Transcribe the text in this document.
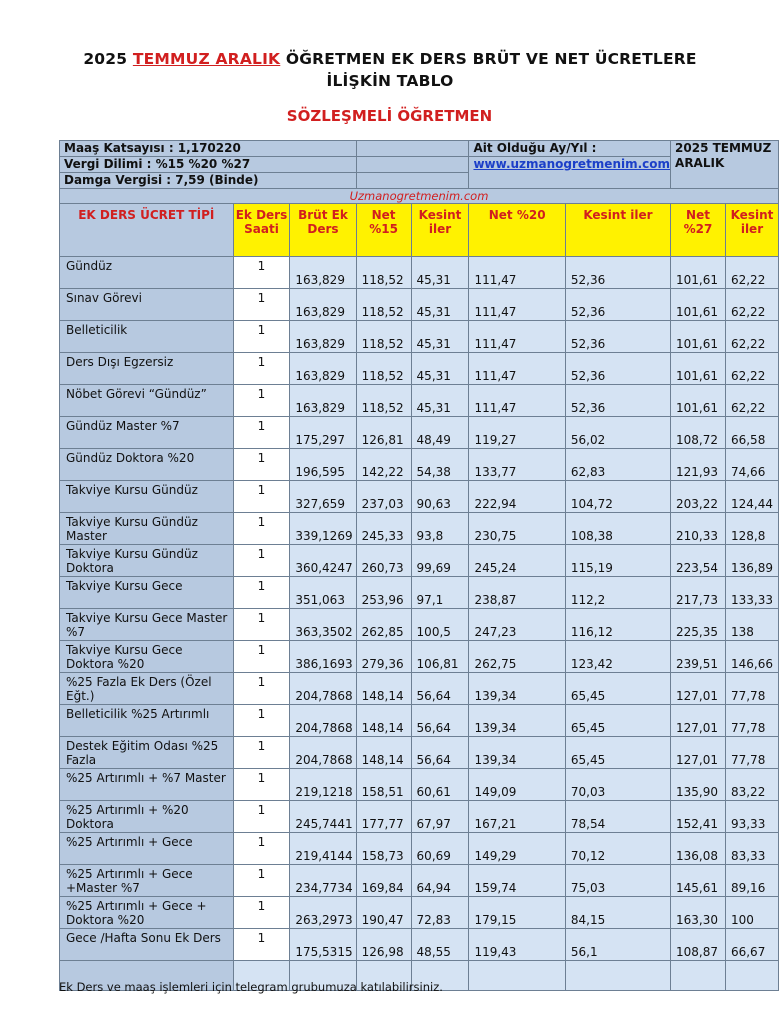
2025 TEMMUZ ARALIK ÖĞRETMEN EK DERS BRÜT VE NET ÜCRETLERE
İLİŞKİN TABLO
SÖZLEŞMELİ ÖĞRETMEN
Maaş Katsayısı : 1,170220					Ait Olduğu Ay/Yıl :		2025 TEMMUZ
ARALIK	
Vergi Dilimi : %15 %20 %27					www.uzmanogretmenim.com			
Damga Vergisi : 7,59 (Binde)								
Uzmanogretmenim.com								
EK DERS ÜCRET TİPİ	Ek Ders Saati	Brüt Ek Ders	Net %15	Kesint iler	Net %20	Kesint iler	Net %27	Kesint iler
Gündüz	1	163,829	118,52	45,31	111,47	52,36	101,61	62,22
Sınav Görevi	1	163,829	118,52	45,31	111,47	52,36	101,61	62,22
Belleticilik	1	163,829	118,52	45,31	111,47	52,36	101,61	62,22
Ders Dışı Egzersiz	1	163,829	118,52	45,31	111,47	52,36	101,61	62,22
Nöbet Görevi “Gündüz”	1	163,829	118,52	45,31	111,47	52,36	101,61	62,22
Gündüz Master %7	1	175,297	126,81	48,49	119,27	56,02	108,72	66,58
Gündüz Doktora %20	1	196,595	142,22	54,38	133,77	62,83	121,93	74,66
Takviye Kursu Gündüz	1	327,659	237,03	90,63	222,94	104,72	203,22	124,44
Takviye Kursu Gündüz Master	1	339,1269	245,33	93,8	230,75	108,38	210,33	128,8
Takviye Kursu Gündüz Doktora	1	360,4247	260,73	99,69	245,24	115,19	223,54	136,89
Takviye Kursu Gece	1	351,063	253,96	97,1	238,87	112,2	217,73	133,33
Takviye Kursu Gece Master %7	1	363,3502	262,85	100,5	247,23	116,12	225,35	138
Takviye Kursu Gece Doktora %20	1	386,1693	279,36	106,81	262,75	123,42	239,51	146,66
%25 Fazla Ek Ders (Özel Eğt.)	1	204,7868	148,14	56,64	139,34	65,45	127,01	77,78
Belleticilik %25 Artırımlı	1	204,7868	148,14	56,64	139,34	65,45	127,01	77,78
Destek Eğitim Odası %25 Fazla	1	204,7868	148,14	56,64	139,34	65,45	127,01	77,78
%25 Artırımlı + %7 Master	1	219,1218	158,51	60,61	149,09	70,03	135,90	83,22
%25 Artırımlı + %20 Doktora	1	245,7441	177,77	67,97	167,21	78,54	152,41	93,33
%25 Artırımlı + Gece	1	219,4144	158,73	60,69	149,29	70,12	136,08	83,33
%25 Artırımlı + Gece +Master %7	1	234,7734	169,84	64,94	159,74	75,03	145,61	89,16
%25 Artırımlı + Gece + Doktora %20	1	263,2973	190,47	72,83	179,15	84,15	163,30	100
Gece /Hafta Sonu Ek Ders	1	175,5315	126,98	48,55	119,43	56,1	108,87	66,67

Ek Ders ve maaş işlemleri için telegram grubumuza katılabilirsiniz.
